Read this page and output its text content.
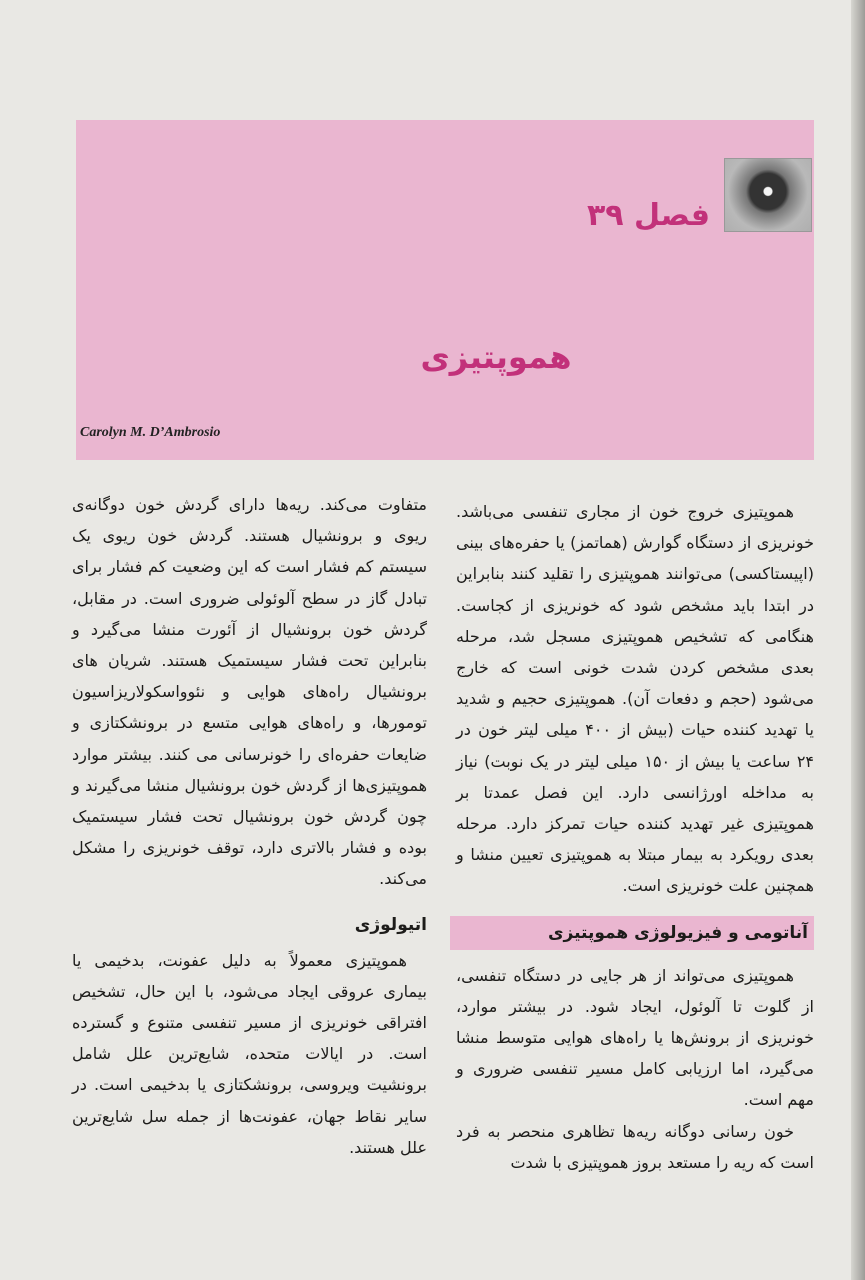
فصل ۳۹
هموپتیزی
Carolyn M. D’Ambrosio

هموپتیزی خروج خون از مجاری تنفسی می‌باشد. خونریزی از دستگاه گوارش (هماتمز) یا حفره‌های بینی (اپیستاکسی) می‌توانند هموپتیزی را تقلید کنند بنابراین در ابتدا باید مشخص شود که خونریزی از کجاست. هنگامی که تشخیص هموپتیزی مسجل شد، مرحله بعدی مشخص کردن شدت خونی است که خارج می‌شود (حجم و دفعات آن). هموپتیزی حجیم و شدید یا تهدید کننده حیات (بیش از ۴۰۰ میلی لیتر خون در ۲۴ ساعت یا بیش از ۱۵۰ میلی لیتر در یک نوبت) نیاز به مداخله اورژانسی دارد. این فصل عمدتا بر هموپتیزی غیر تهدید کننده حیات تمرکز دارد. مرحله بعدی رویکرد به بیمار مبتلا به هموپتیزی تعیین منشا و همچنین علت خونریزی است.

آناتومی و فیزیولوژی هموپتیزی

هموپتیزی می‌تواند از هر جایی در دستگاه تنفسی، از گلوت تا آلوئول، ایجاد شود. در بیشتر موارد، خونریزی از برونش‌ها یا راه‌های هوایی متوسط منشا می‌گیرد، اما ارزیابی کامل مسیر تنفسی ضروری و مهم است.

خون رسانی دوگانه ریه‌ها تظاهری منحصر به فرد است که ریه را مستعد بروز هموپتیزی با شدت

متفاوت می‌کند. ریه‌ها دارای گردش خون دوگانه‌ی ریوی و برونشیال هستند. گردش خون ریوی یک سیستم کم فشار است که این وضعیت کم فشار برای تبادل گاز در سطح آلوئولی ضروری است. در مقابل، گردش خون برونشیال از آئورت منشا می‌گیرد و بنابراین تحت فشار سیستمیک هستند. شریان های برونشیال راه‌های هوایی و نئوواسکولاریزاسیون تومورها، و راه‌های هوایی متسع در برونشکتازی و ضایعات حفره‌ای را خونرسانی می کنند. بیشتر موارد هموپتیزی‌ها از گردش خون برونشیال منشا می‌گیرند و چون گردش خون برونشیال تحت فشار سیستمیک بوده و فشار بالاتری دارد، توقف خونریزی را مشکل می‌کند.

اتیولوژی

هموپتیزی معمولاً به دلیل عفونت، بدخیمی یا بیماری عروقی ایجاد می‌شود، با این حال، تشخیص افتراقی خونریزی از مسیر تنفسی متنوع و گسترده است. در ایالات متحده، شایع‌ترین علل شامل برونشیت ویروسی، برونشکتازی یا بدخیمی است. در سایر نقاط جهان، عفونت‌ها از جمله سل شایع‌ترین علل هستند.
